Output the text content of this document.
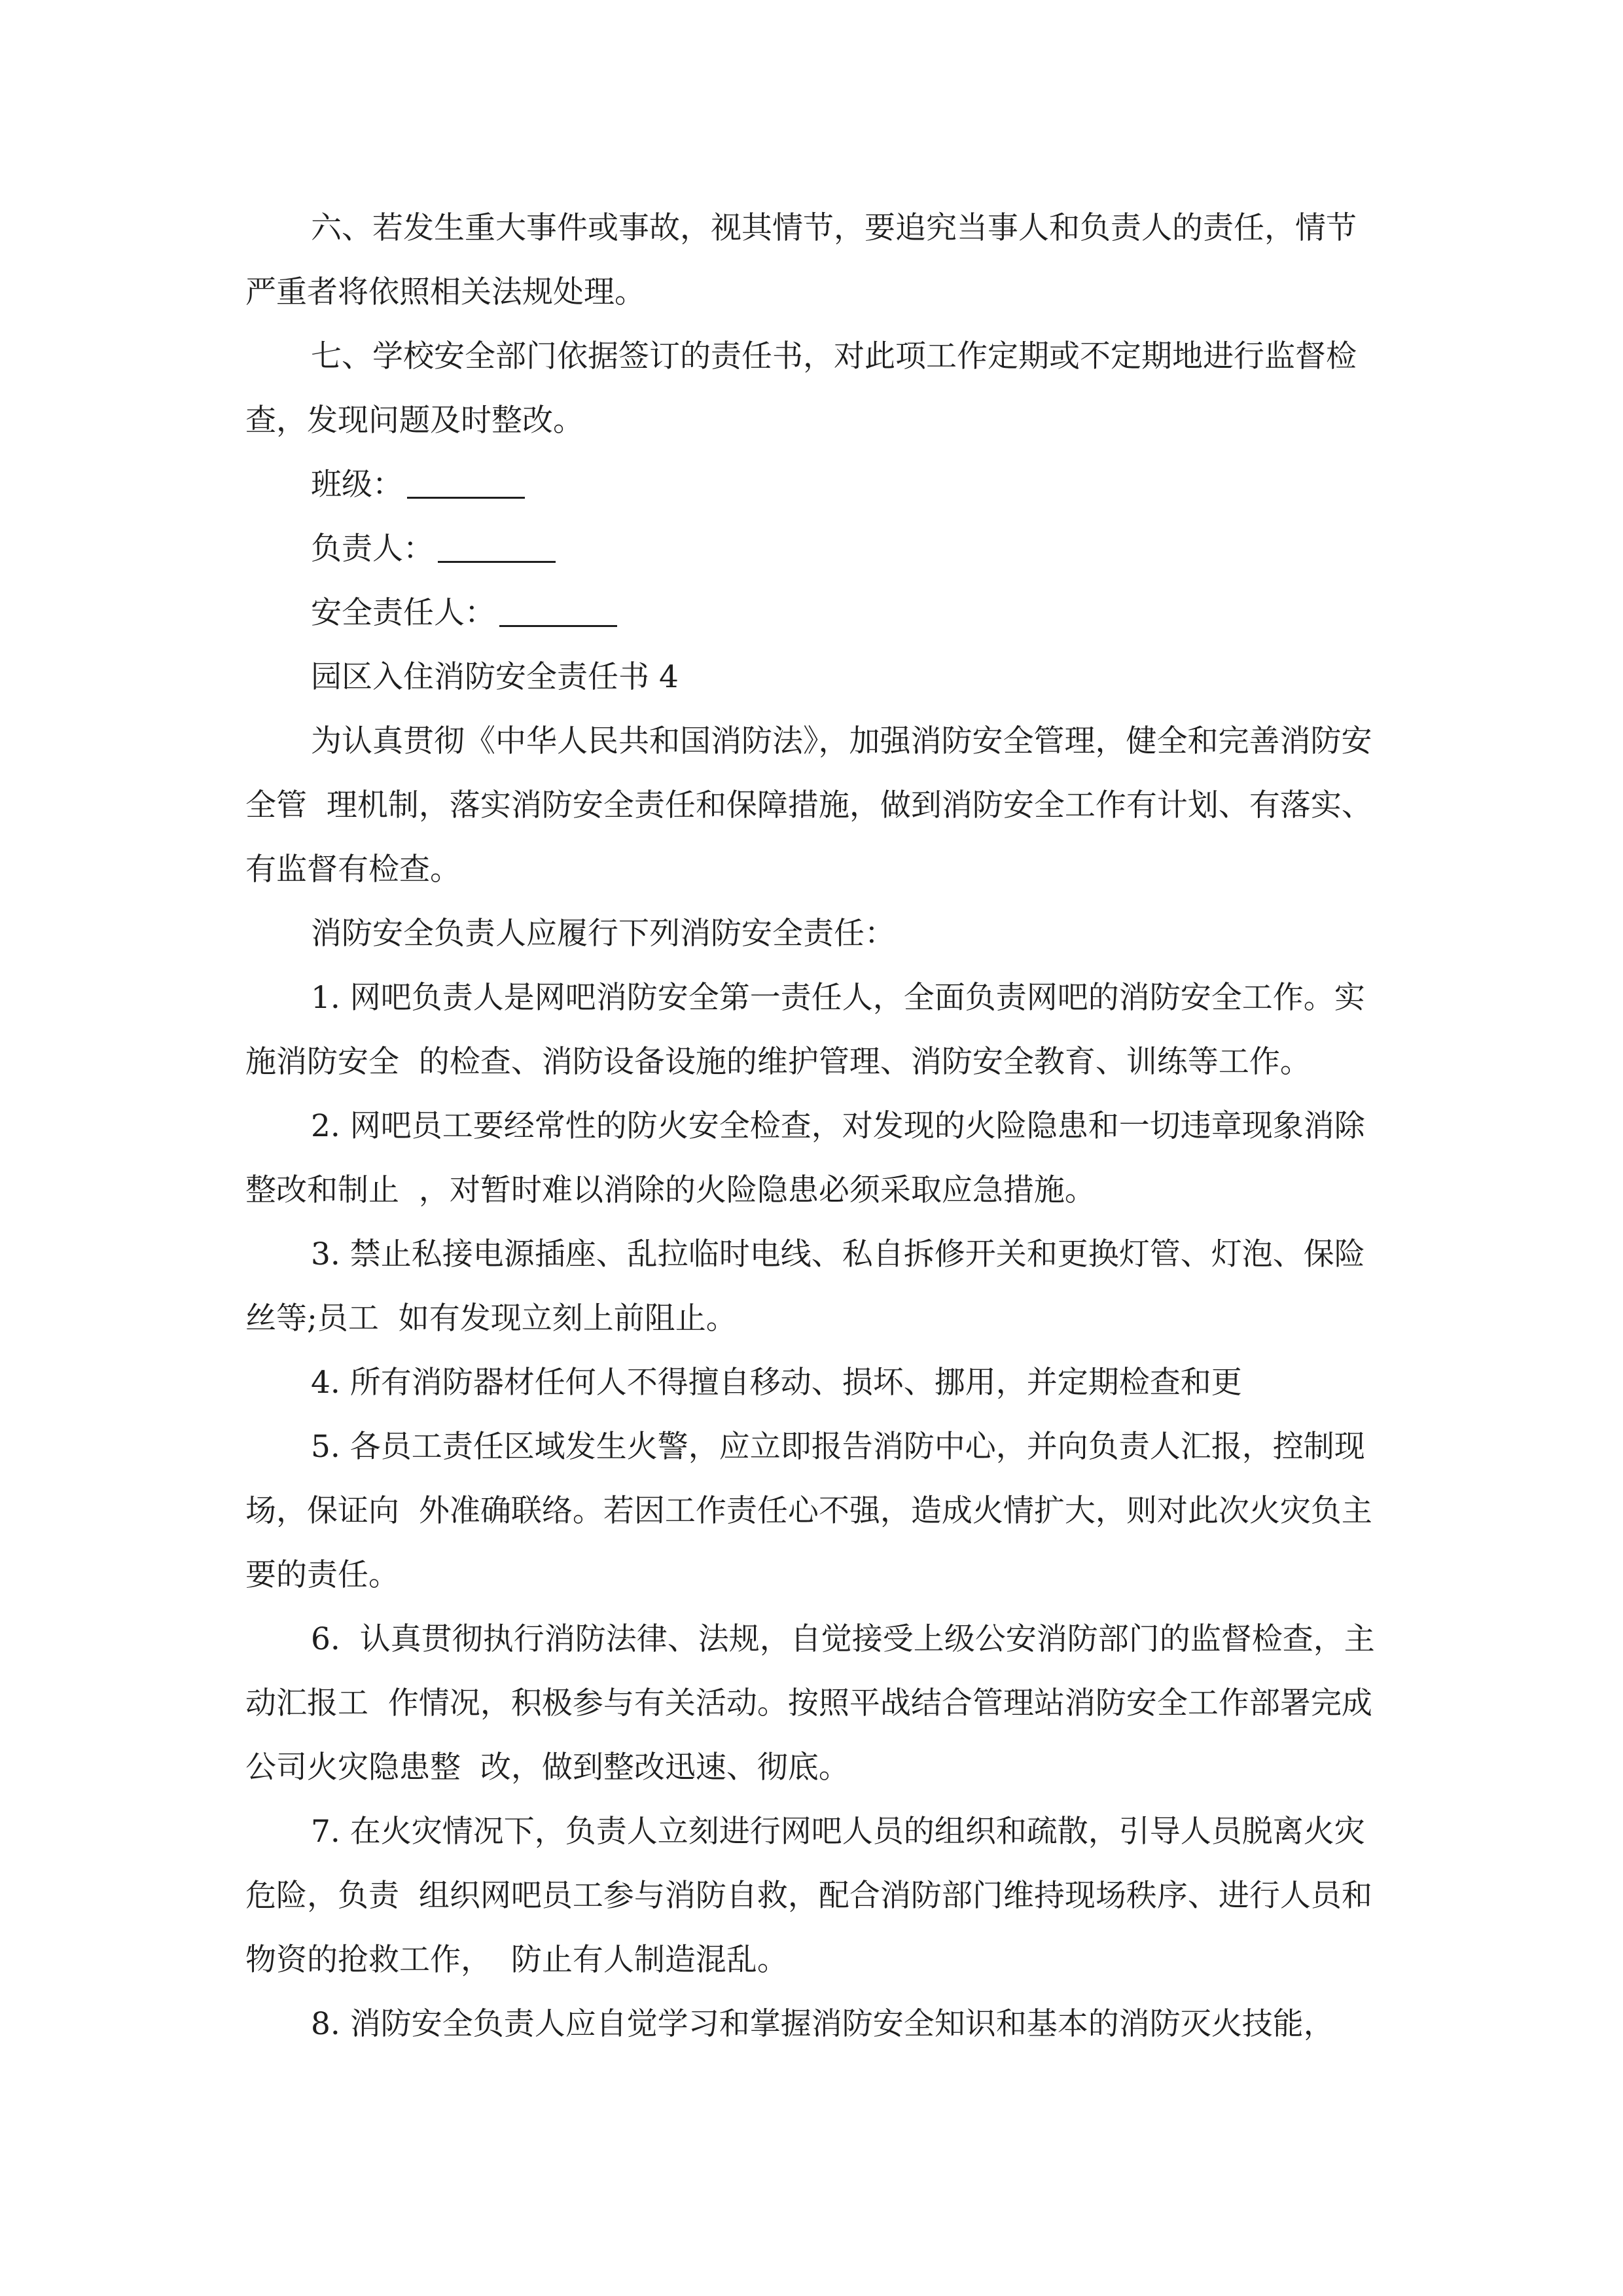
六、若发生重大事件或事故，视其情节，要追究当事人和负责人的责任，情节严重者将依照相关法规处理。

七、学校安全部门依据签订的责任书，对此项工作定期或不定期地进行监督检查，发现问题及时整改。

班级：

负责人：

安全责任人：

园区入住消防安全责任书 4

为认真贯彻《中华人民共和国消防法》，加强消防安全管理，健全和完善消防安全管  理机制，落实消防安全责任和保障措施，做到消防安全工作有计划、有落实、有监督有检查。

消防安全负责人应履行下列消防安全责任：

1. 网吧负责人是网吧消防安全第一责任人，全面负责网吧的消防安全工作。实施消防安全  的检查、消防设备设施的维护管理、消防安全教育、训练等工作。

2. 网吧员工要经常性的防火安全检查，对发现的火险隐患和一切违章现象消除整改和制止  ，对暂时难以消除的火险隐患必须采取应急措施。

3. 禁止私接电源插座、乱拉临时电线、私自拆修开关和更换灯管、灯泡、保险丝等;员工  如有发现立刻上前阻止。

4. 所有消防器材任何人不得擅自移动、损坏、挪用，并定期检查和更

5. 各员工责任区域发生火警，应立即报告消防中心，并向负责人汇报，控制现场，保证向  外准确联络。若因工作责任心不强，造成火情扩大，则对此次火灾负主要的责任。

6.  认真贯彻执行消防法律、法规，自觉接受上级公安消防部门的监督检查，主动汇报工  作情况，积极参与有关活动。按照平战结合管理站消防安全工作部署完成公司火灾隐患整  改，做到整改迅速、彻底。

7. 在火灾情况下，负责人立刻进行网吧人员的组织和疏散，引导人员脱离火灾危险，负责  组织网吧员工参与消防自救，配合消防部门维持现场秩序、进行人员和物资的抢救工作，  防止有人制造混乱。

8. 消防安全负责人应自觉学习和掌握消防安全知识和基本的消防灭火技能，
